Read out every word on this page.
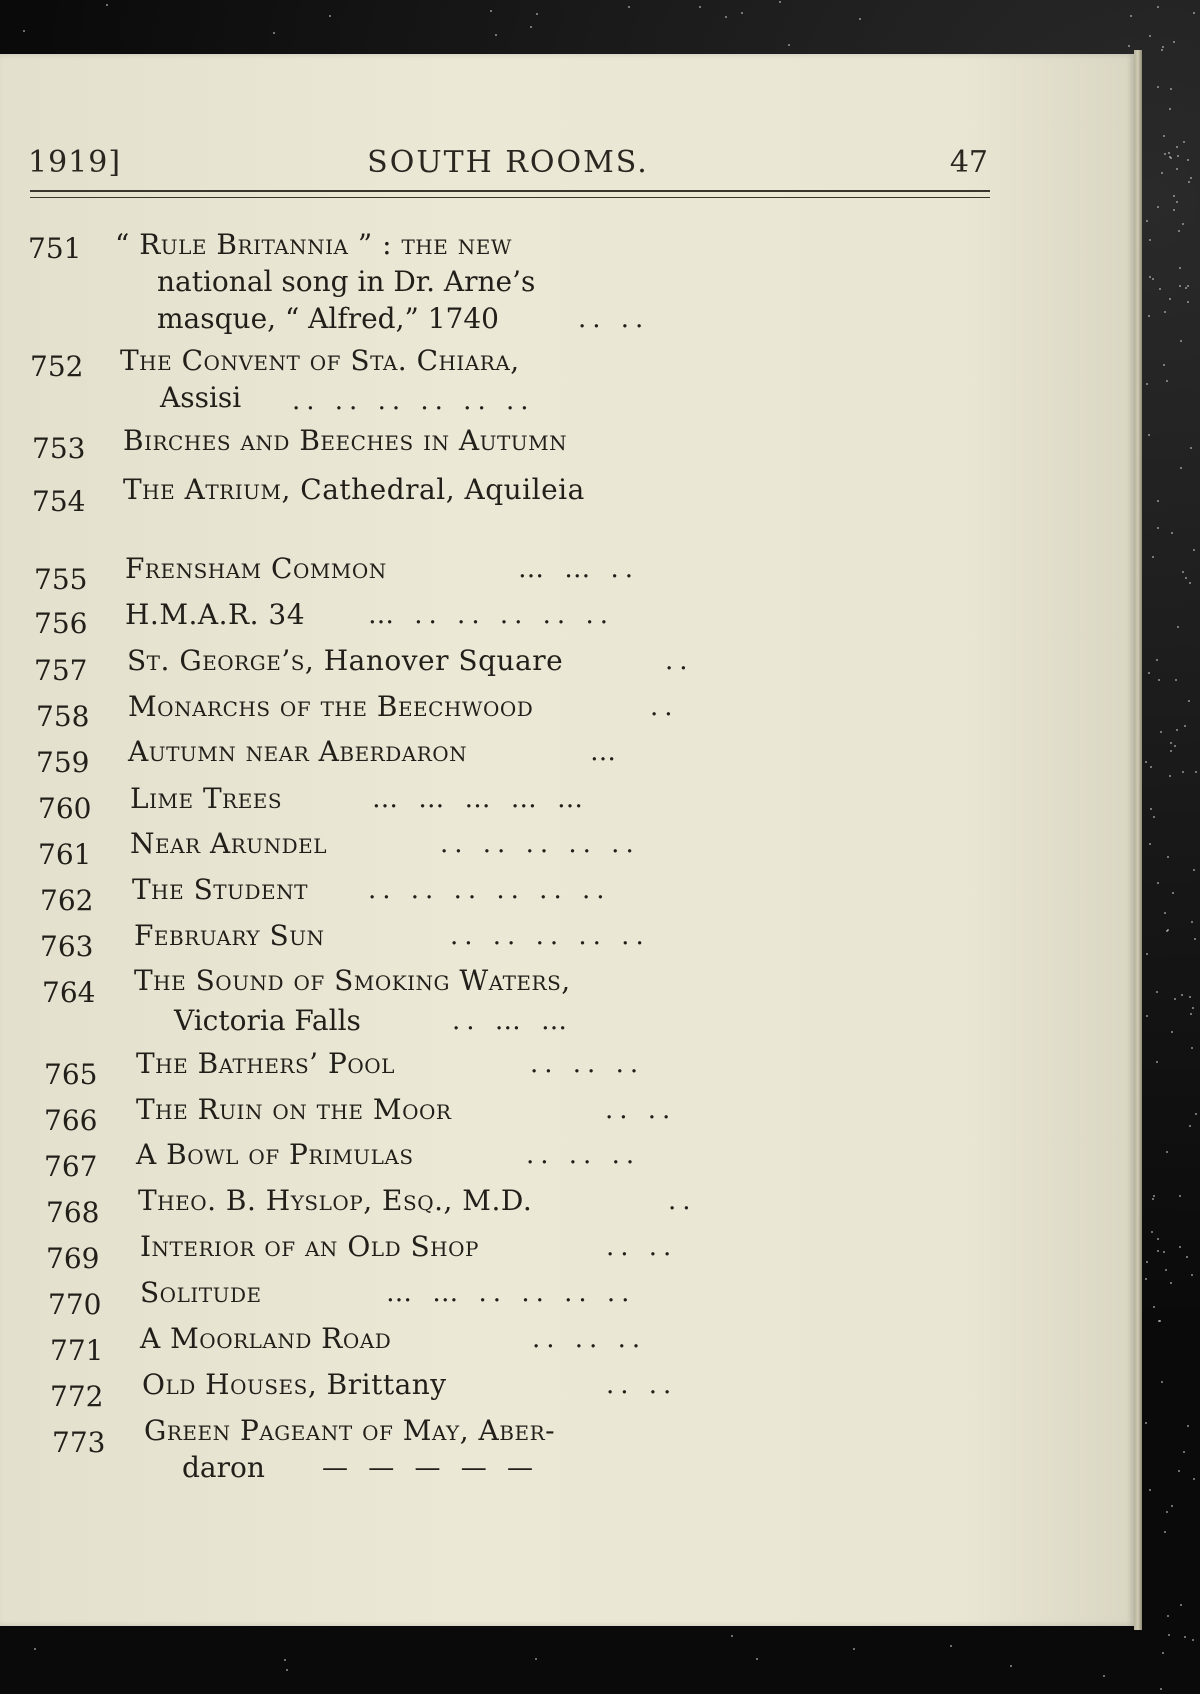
1919]	SOUTH ROOMS.	47
751 “ Rule Britannia ” : the new
national song in Dr. Arne’s
masque, “ Alfred,” 1740	.. ..
752 The Convent of Sta. Chiara,
Assisi .. .. .. .. .. ..
753 Birches and Beeches in Autumn
754 The Atrium, Cathedral, Aquileia
755 Frensham Common	… … ..
756 H.M.A.R. 34 … .. .. .. .. ..
757 St. George’s, Hanover Square	..
758 Monarchs of the Beechwood	..
759 Autumn near Aberdaron	…
760 Lime Trees	… … … … …
761 Near Arundel	.. .. .. .. ..
762 The Student .. .. .. .. .. ..
763 February Sun	.. .. .. .. ..
764 The Sound of Smoking Waters,
Victoria Falls	.. … …
765 The Bathers’ Pool	.. .. ..
766 The Ruin on the Moor	.. ..
767 A Bowl of Primulas	.. .. ..
768 Theo. B. Hyslop, Esq., M.D.	..
769 Interior of an Old Shop	.. ..
770 Solitude	… … .. .. .. ..
771 A Moorland Road	.. .. ..
772 Old Houses, Brittany	.. ..
773 Green Pageant of May, Aber-
daron — — — — —
